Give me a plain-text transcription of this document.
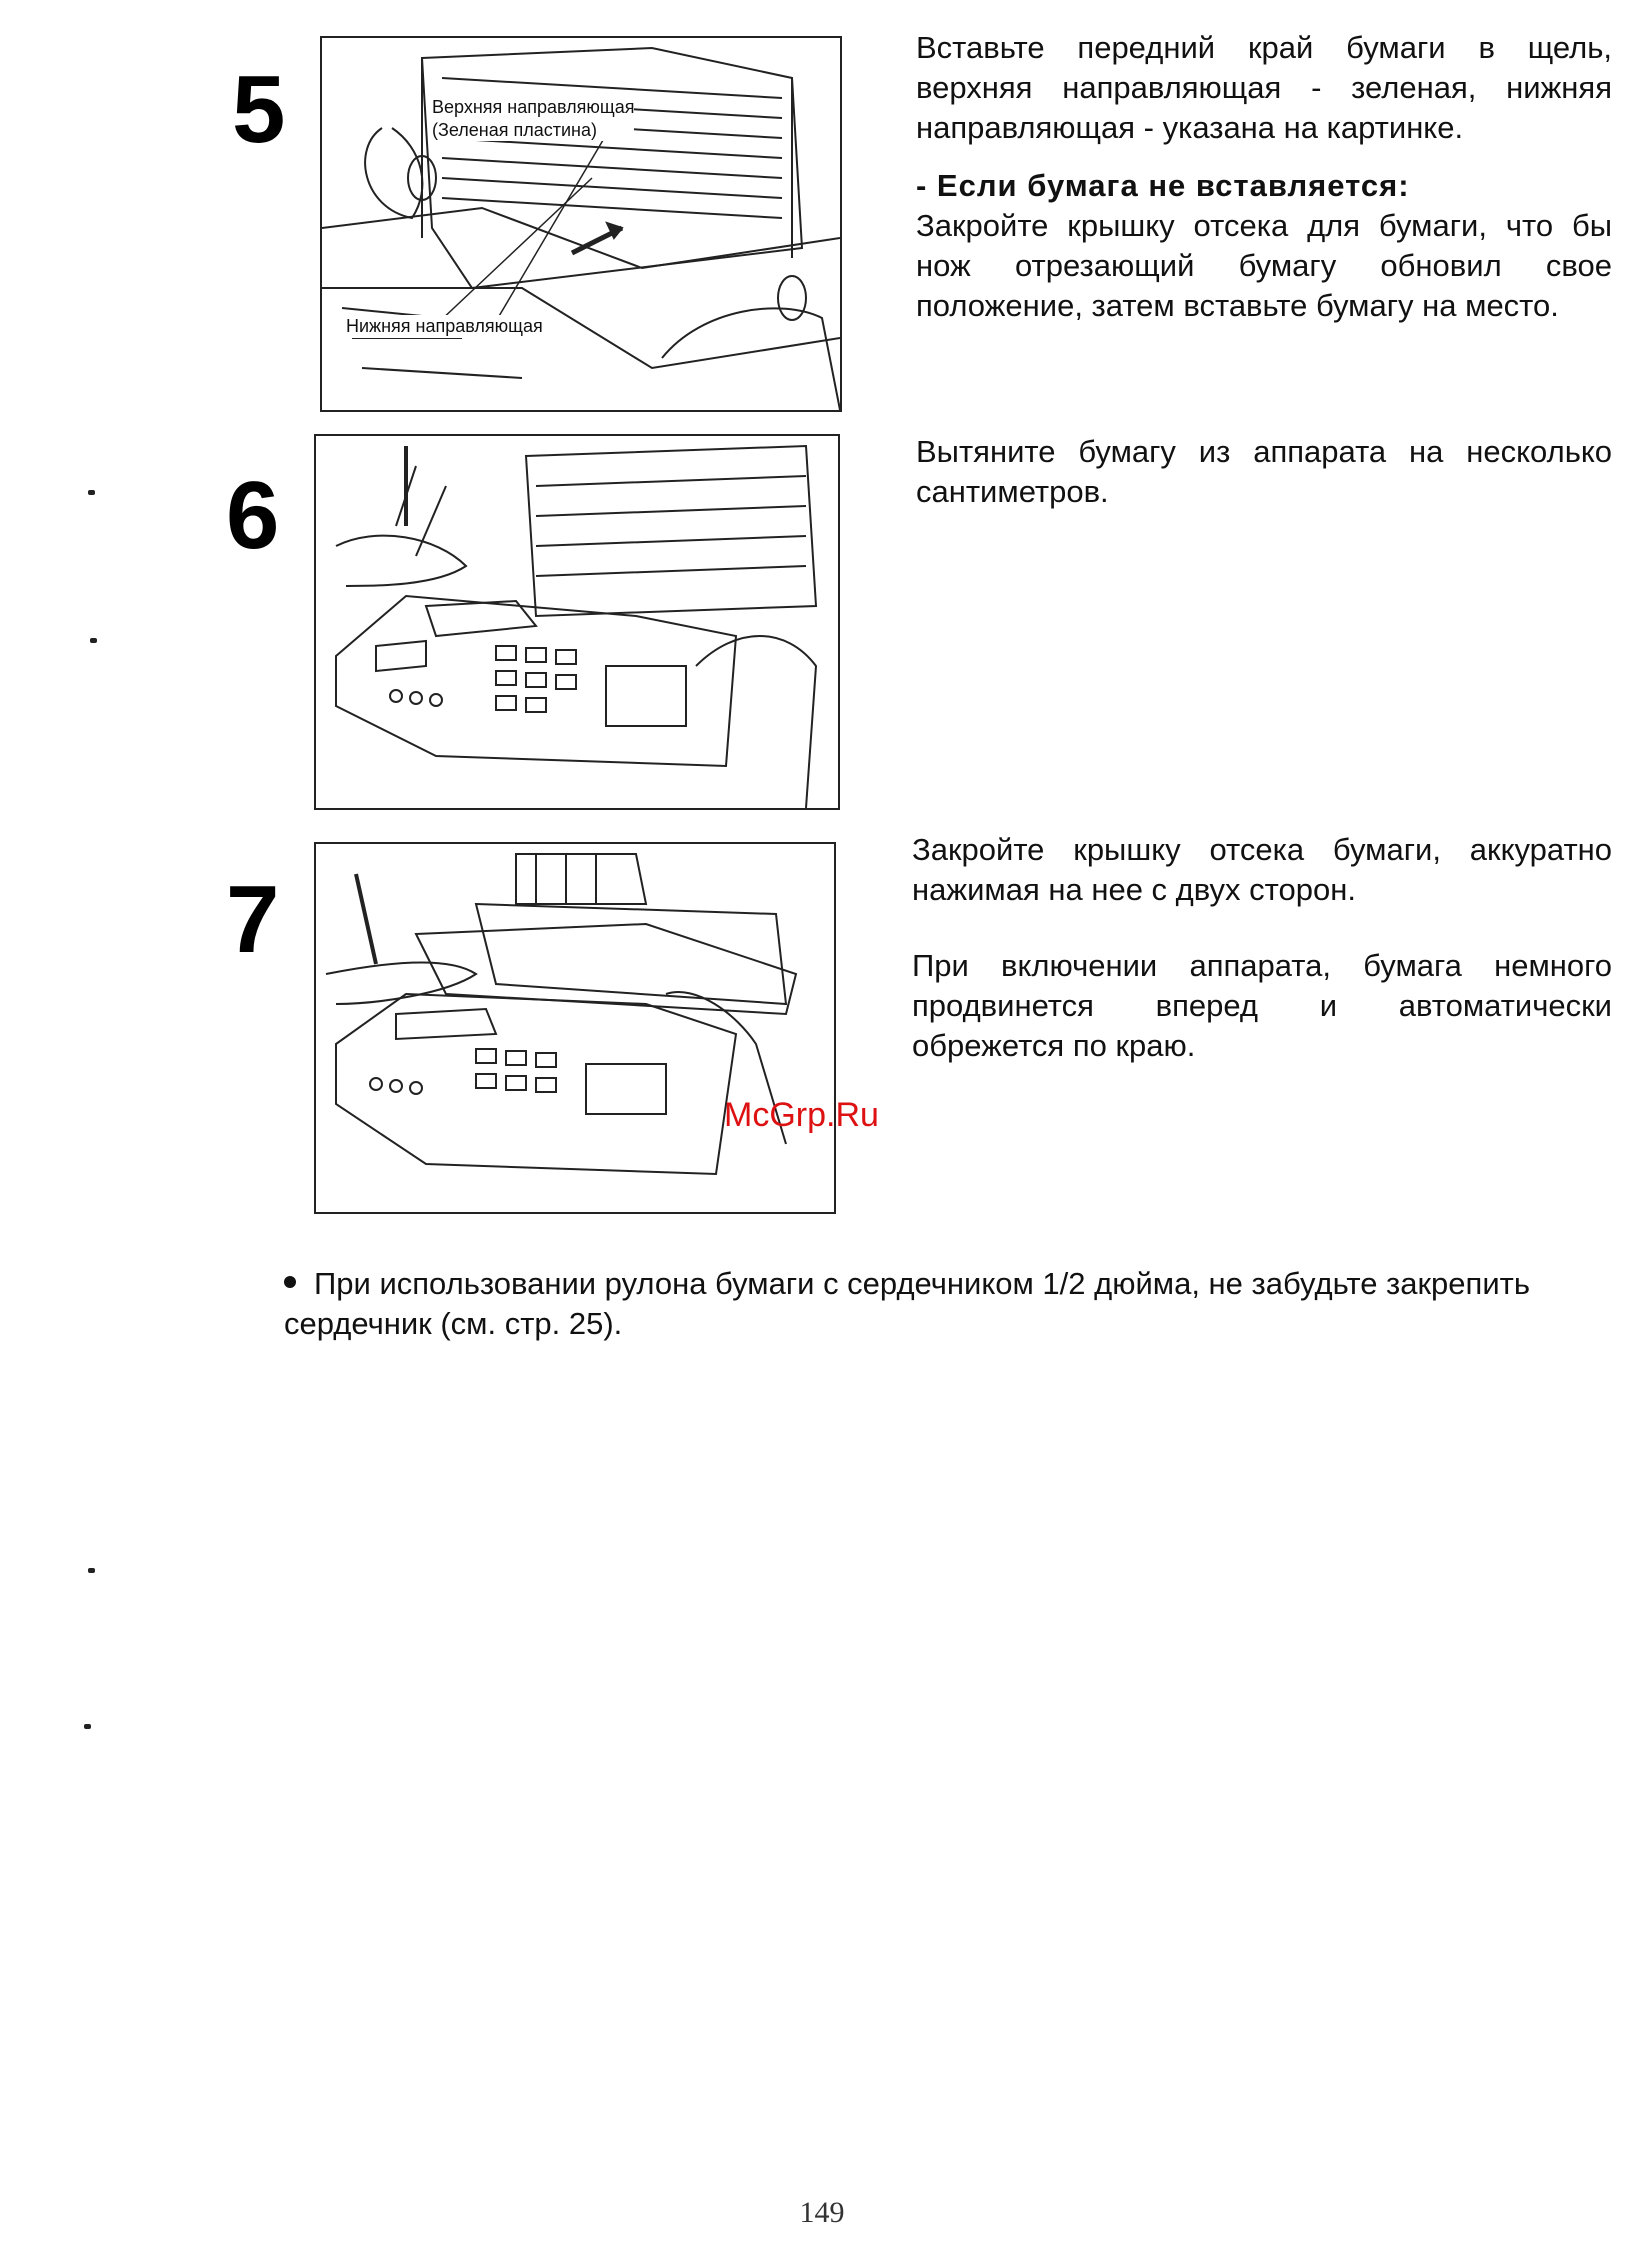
5
6
7
Верхняя направляющая
(Зеленая пластина)
Нижняя направляющая

Вставьте передний край бумаги в щель, верхняя направляющая - зеленая, нижняя направляющая - указана на картинке.

- Если бумага не вставляется:

Закройте крышку отсека для бумаги, что бы нож отрезающий бумагу обновил свое положение, затем вставьте бумагу на место.

Вытяните бумагу из аппарата на несколько сантиметров.

Закройте крышку отсека бумаги, аккуратно нажимая на нее с двух сторон.

При включении аппарата, бумага немного продвинется вперед и автоматически обрежется по краю.

McGrp.Ru
При использовании рулона бумаги с сердечником 1/2 дюйма, не забудьте закрепить сердечник (см. стр. 25).
149
